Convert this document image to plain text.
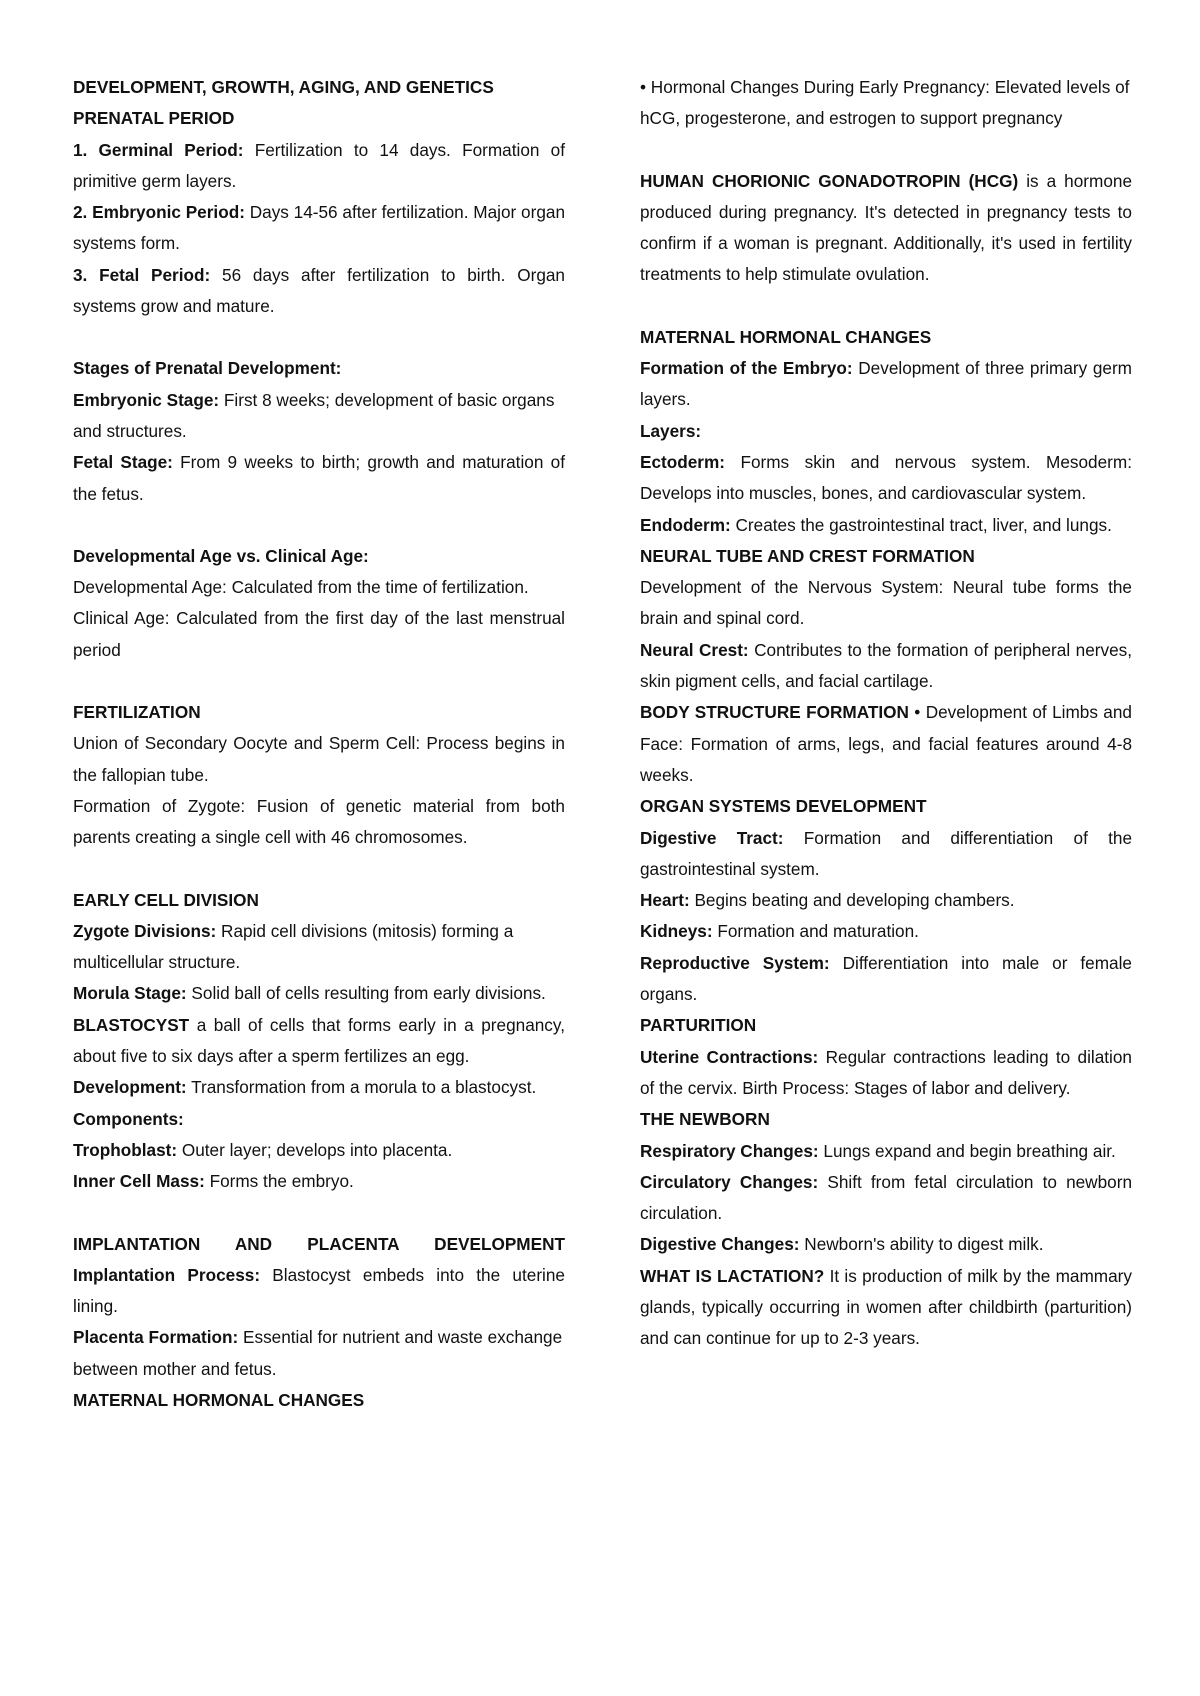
DEVELOPMENT, GROWTH, AGING, AND GENETICS

PRENATAL PERIOD

1. Germinal Period: Fertilization to 14 days. Formation of primitive germ layers.

2. Embryonic Period: Days 14-56 after fertilization. Major organ systems form.

3. Fetal Period: 56 days after fertilization to birth. Organ systems grow and mature.

Stages of Prenatal Development:

Embryonic Stage: First 8 weeks; development of basic organs and structures.

Fetal Stage: From 9 weeks to birth; growth and maturation of the fetus.

Developmental Age vs. Clinical Age:

Developmental Age: Calculated from the time of fertilization.

Clinical Age: Calculated from the first day of the last menstrual period

FERTILIZATION

Union of Secondary Oocyte and Sperm Cell: Process begins in the fallopian tube.

Formation of Zygote: Fusion of genetic material from both parents creating a single cell with 46 chromosomes.

EARLY CELL DIVISION

Zygote Divisions: Rapid cell divisions (mitosis) forming a multicellular structure.

Morula Stage: Solid ball of cells resulting from early divisions.

BLASTOCYST a ball of cells that forms early in a pregnancy, about five to six days after a sperm fertilizes an egg.

Development: Transformation from a morula to a blastocyst.

Components:

Trophoblast: Outer layer; develops into placenta.

Inner Cell Mass: Forms the embryo.

IMPLANTATION AND PLACENTA DEVELOPMENT

Implantation Process: Blastocyst embeds into the uterine lining.

Placenta Formation: Essential for nutrient and waste exchange between mother and fetus.

MATERNAL HORMONAL CHANGES

• Hormonal Changes During Early Pregnancy: Elevated levels of hCG, progesterone, and estrogen to support pregnancy

HUMAN CHORIONIC GONADOTROPIN (HCG) is a hormone produced during pregnancy. It's detected in pregnancy tests to confirm if a woman is pregnant. Additionally, it's used in fertility treatments to help stimulate ovulation.

MATERNAL HORMONAL CHANGES

Formation of the Embryo: Development of three primary germ layers.

Layers:

Ectoderm: Forms skin and nervous system. Mesoderm: Develops into muscles, bones, and cardiovascular system.

Endoderm: Creates the gastrointestinal tract, liver, and lungs.

NEURAL TUBE AND CREST FORMATION

Development of the Nervous System: Neural tube forms the brain and spinal cord.

Neural Crest: Contributes to the formation of peripheral nerves, skin pigment cells, and facial cartilage.

BODY STRUCTURE FORMATION • Development of Limbs and Face: Formation of arms, legs, and facial features around 4-8 weeks.

ORGAN SYSTEMS DEVELOPMENT

Digestive Tract: Formation and differentiation of the gastrointestinal system.

Heart: Begins beating and developing chambers.

Kidneys: Formation and maturation.

Reproductive System: Differentiation into male or female organs.

PARTURITION

Uterine Contractions: Regular contractions leading to dilation of the cervix. Birth Process: Stages of labor and delivery.

THE NEWBORN

Respiratory Changes: Lungs expand and begin breathing air.

Circulatory Changes: Shift from fetal circulation to newborn circulation.

Digestive Changes: Newborn's ability to digest milk.

WHAT IS LACTATION? It is production of milk by the mammary glands, typically occurring in women after childbirth (parturition) and can continue for up to 2-3 years.
